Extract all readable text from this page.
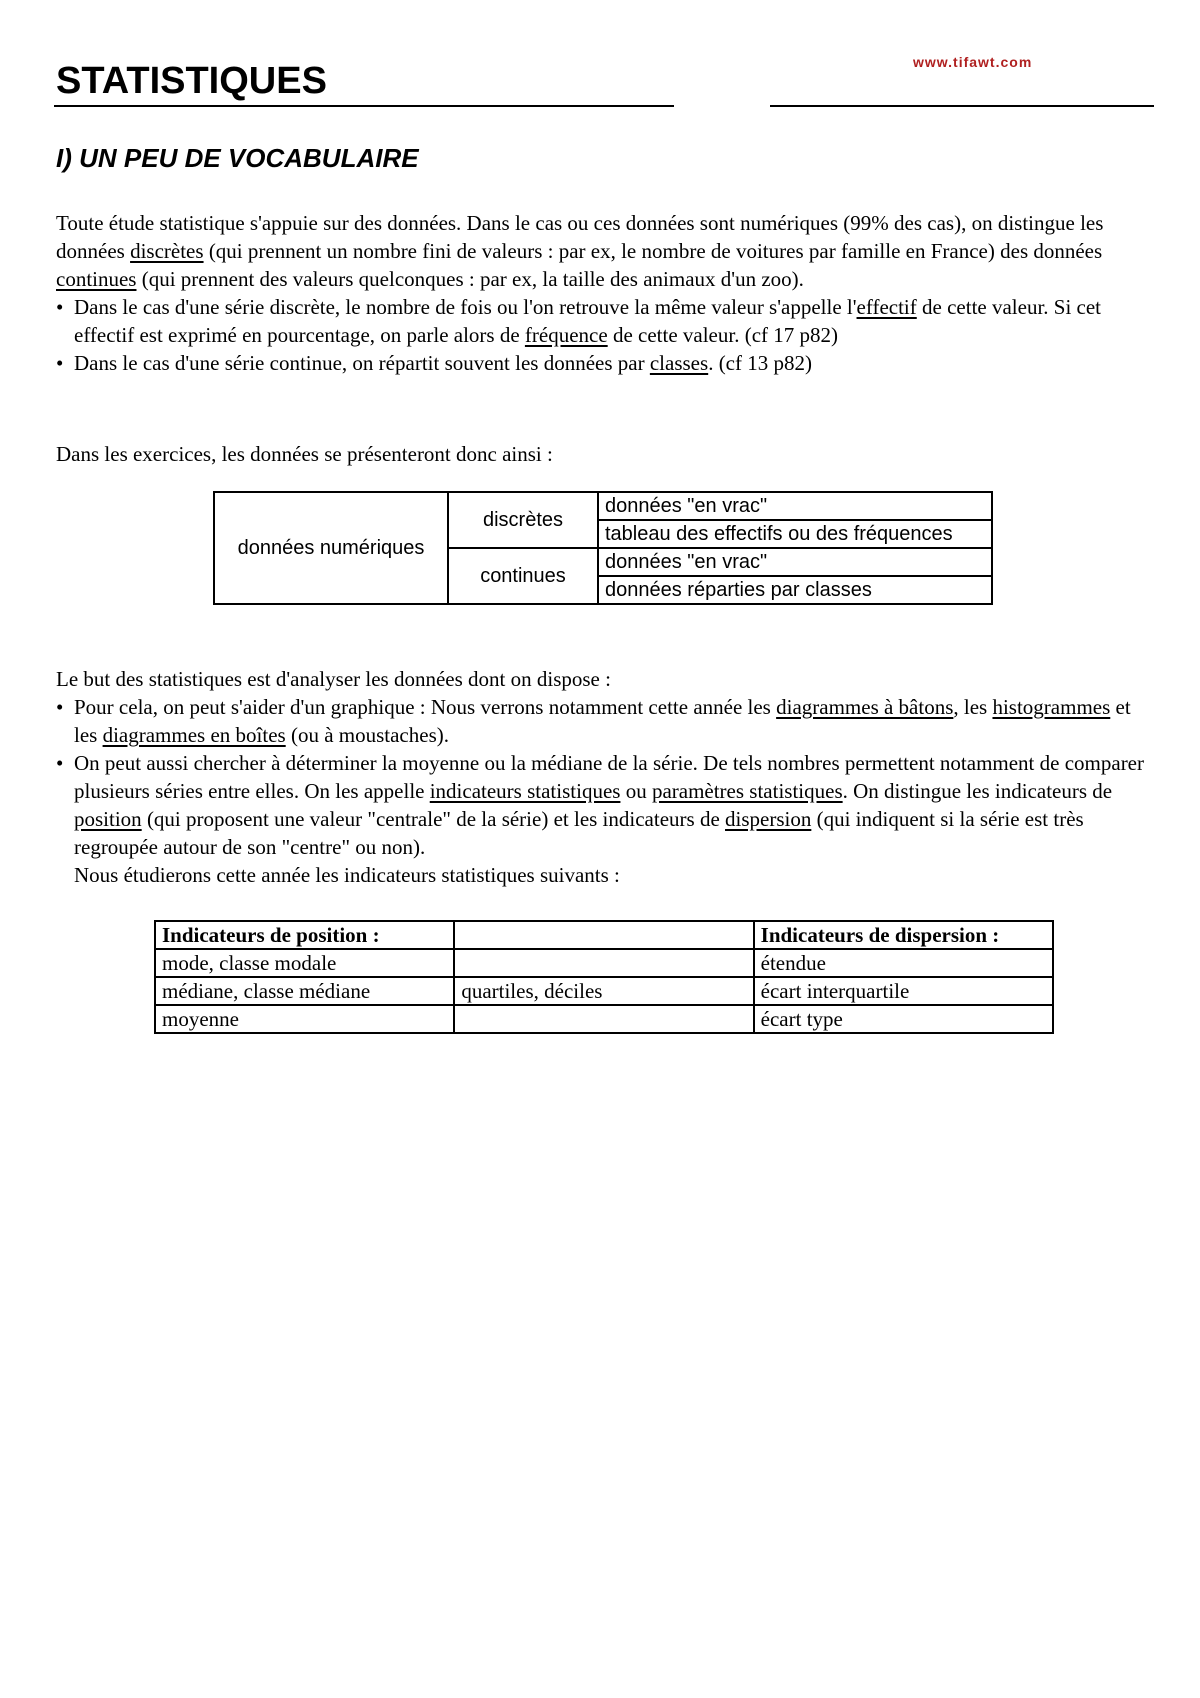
STATISTIQUES	www.tifawt.com
I) UN PEU DE VOCABULAIRE

Toute étude statistique s'appuie sur des données. Dans le cas ou ces données sont numériques (99% des cas), on distingue les données discrètes (qui prennent un nombre fini de valeurs : par ex, le nombre de voitures par famille en France) des données continues (qui prennent des valeurs quelconques : par ex, la taille des animaux d'un zoo).

• Dans le cas d'une série discrète, le nombre de fois ou l'on retrouve la même valeur s'appelle l'effectif de cette valeur. Si cet effectif est exprimé en pourcentage, on parle alors de fréquence de cette valeur. (cf 17 p82)
• Dans le cas d'une série continue, on répartit souvent les données par classes. (cf 13 p82)
Dans les exercices, les données se présenteront donc ainsi :
données numériques	discrètes	données "en vrac"
		tableau des effectifs ou des fréquences
	continues	données "en vrac"
		données réparties par classes

Le but des statistiques est d'analyser les données dont on dispose :

• Pour cela, on peut s'aider d'un graphique : Nous verrons notamment cette année les diagrammes à bâtons, les histogrammes et les diagrammes en boîtes (ou à moustaches).
• On peut aussi chercher à déterminer la moyenne ou la médiane de la série. De tels nombres permettent notamment de comparer plusieurs séries entre elles. On les appelle indicateurs statistiques ou paramètres statistiques. On distingue les indicateurs de position (qui proposent une valeur "centrale" de la série) et les indicateurs de dispersion (qui indiquent si la série est très regroupée autour de son "centre" ou non).
Nous étudierons cette année les indicateurs statistiques suivants :
Indicateurs de position :		Indicateurs de dispersion :
mode, classe modale		étendue
médiane, classe médiane	quartiles, déciles	écart interquartile
moyenne		écart type
